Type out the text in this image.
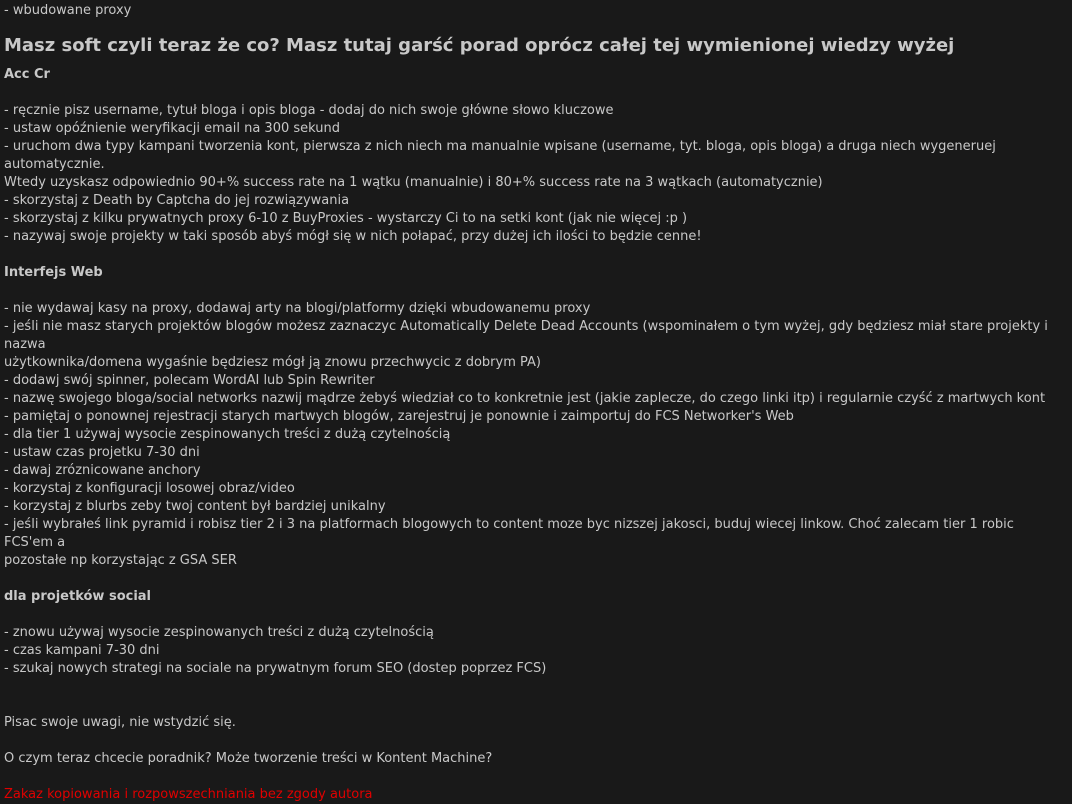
- wbudowane proxy

Masz soft czyli teraz że co? Masz tutaj garść porad oprócz całej tej wymienionej wiedzy wyżej
Acc Cr

- ręcznie pisz username, tytuł bloga i opis bloga - dodaj do nich swoje główne słowo kluczowe

- ustaw opóźnienie weryfikacji email na 300 sekund

- uruchom dwa typy kampani tworzenia kont, pierwsza z nich niech ma manualnie wpisane (username, tyt. bloga, opis bloga) a druga niech wygeneruej automatycznie.

Wtedy uzyskasz odpowiednio 90+% success rate na 1 wątku (manualnie) i 80+% success rate na 3 wątkach (automatycznie)

- skorzystaj z Death by Captcha do jej rozwiązywania

- skorzystaj z kilku prywatnych proxy 6-10 z BuyProxies - wystarczy Ci to na setki kont (jak nie więcej :p )

- nazywaj swoje projekty w taki sposób abyś mógł się w nich połapać, przy dużej ich ilości to będzie cenne!

Interfejs Web

- nie wydawaj kasy na proxy, dodawaj arty na blogi/platformy dzięki wbudowanemu proxy

- jeśli nie masz starych projektów blogów możesz zaznaczyc Automatically Delete Dead Accounts (wspominałem o tym wyżej, gdy będziesz miał stare projekty i nazwa

użytkownika/domena wygaśnie będziesz mógł ją znowu przechwycic z dobrym PA)

- dodawj swój spinner, polecam WordAI lub Spin Rewriter

- nazwę swojego bloga/social networks nazwij mądrze żebyś wiedział co to konkretnie jest (jakie zaplecze, do czego linki itp) i regularnie czyść z martwych kont

- pamiętaj o ponownej rejestracji starych martwych blogów, zarejestruj je ponownie i zaimportuj do FCS Networker's Web

- dla tier 1 używaj wysocie zespinowanych treści z dużą czytelnością

- ustaw czas projetku 7-30 dni

- dawaj zróznicowane anchory

- korzystaj z konfiguracji losowej obraz/video

- korzystaj z blurbs zeby twoj content był bardziej unikalny

- jeśli wybrałeś link pyramid i robisz tier 2 i 3 na platformach blogowych to content moze byc nizszej jakosci, buduj wiecej linkow. Choć zalecam tier 1 robic FCS'em a

pozostałe np korzystając z GSA SER

dla projetków social

- znowu używaj wysocie zespinowanych treści z dużą czytelnością

- czas kampani 7-30 dni

- szukaj nowych strategi na sociale na prywatnym forum SEO (dostep poprzez FCS)

Pisac swoje uwagi, nie wstydzić się.

O czym teraz chcecie poradnik? Może tworzenie treści w Kontent Machine?

Zakaz kopiowania i rozpowszechniania bez zgody autora
